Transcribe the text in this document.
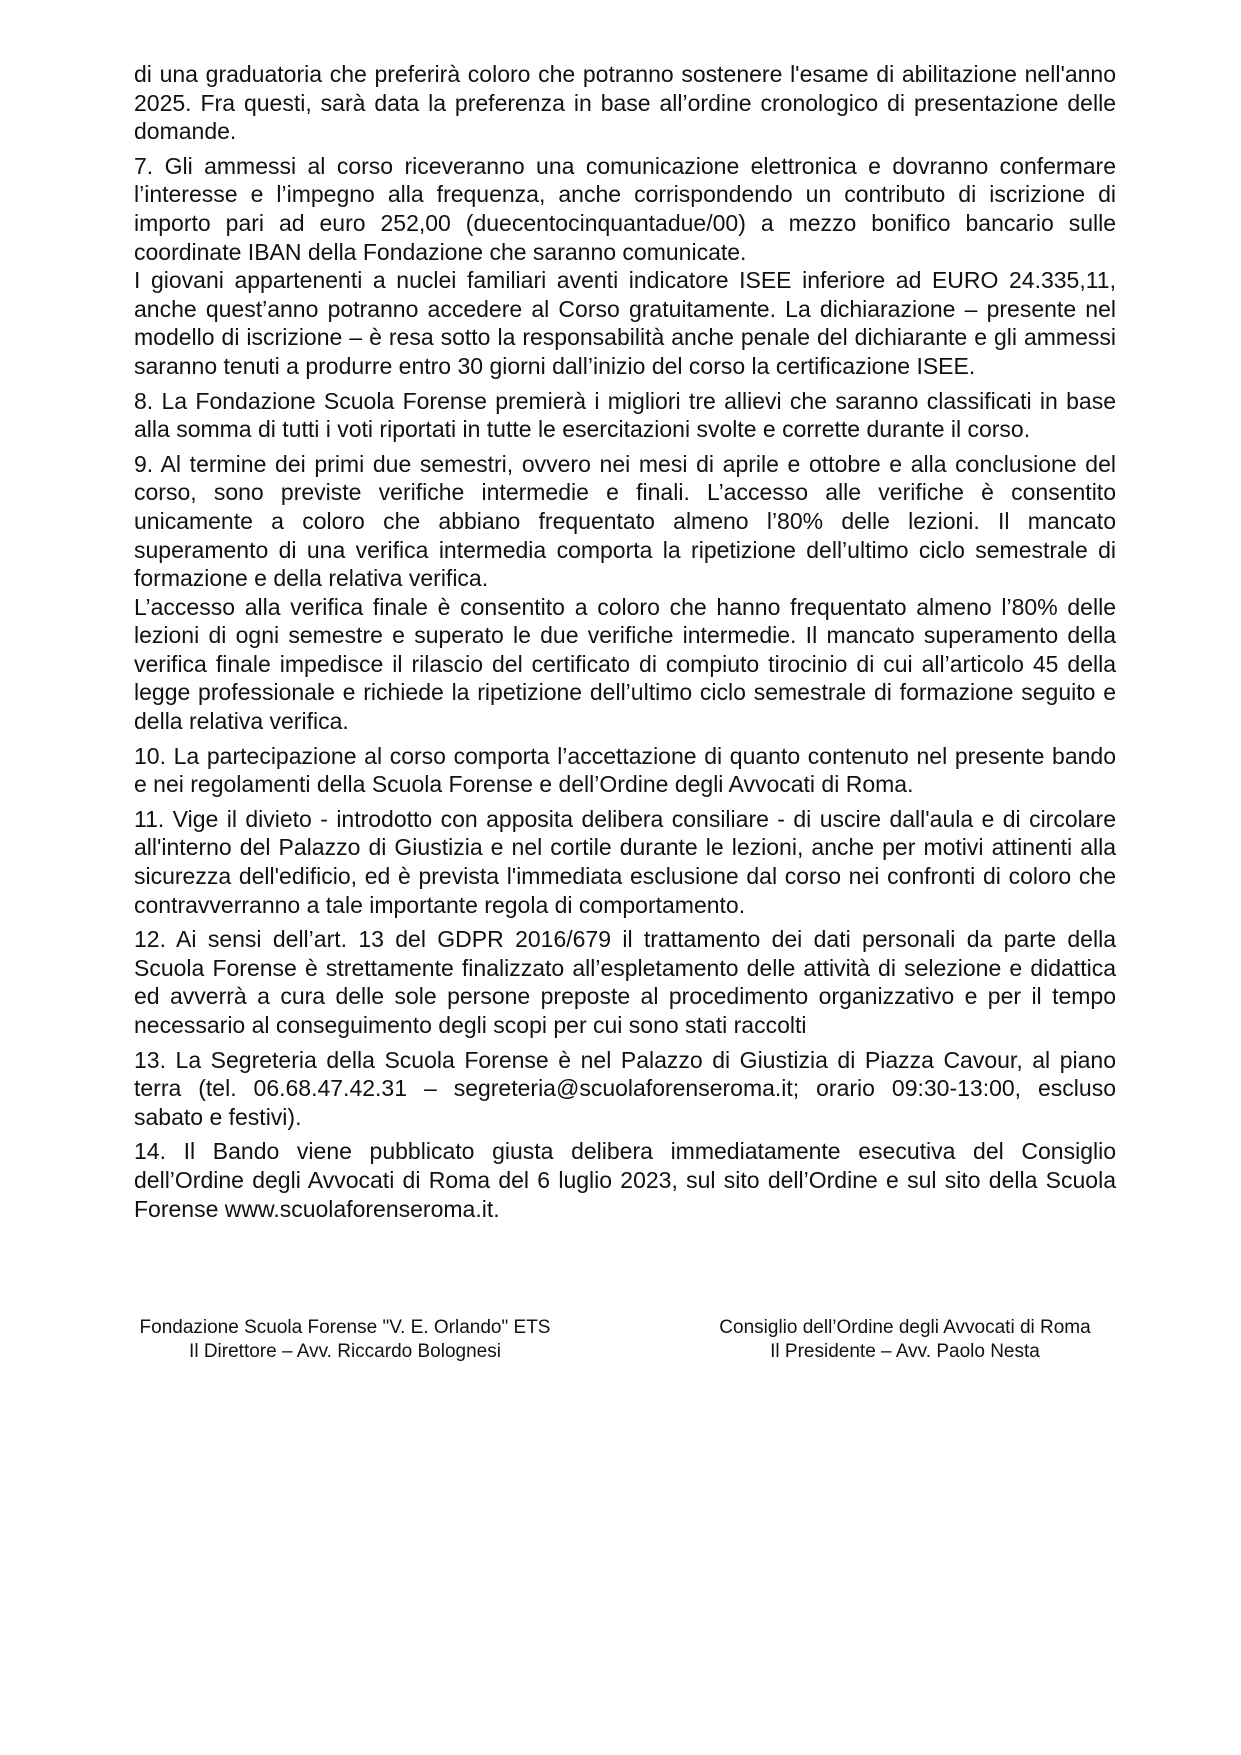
di una graduatoria che preferirà coloro che potranno sostenere l'esame di abilitazione nell'anno 2025. Fra questi, sarà data la preferenza in base all’ordine cronologico di presentazione delle domande.

7. Gli ammessi al corso riceveranno una comunicazione elettronica e dovranno confermare l’interesse e l’impegno alla frequenza, anche corrispondendo un contributo di iscrizione di importo pari ad euro 252,00 (duecentocinquantadue/00) a mezzo bonifico bancario sulle coordinate IBAN della Fondazione che saranno comunicate.

I giovani appartenenti a nuclei familiari aventi indicatore ISEE inferiore ad EURO 24.335,11, anche quest’anno potranno accedere al Corso gratuitamente. La dichiarazione – presente nel modello di iscrizione – è resa sotto la responsabilità anche penale del dichiarante e gli ammessi saranno tenuti a produrre entro 30 giorni dall’inizio del corso la certificazione ISEE.

8. La Fondazione Scuola Forense premierà i migliori tre allievi che saranno classificati in base alla somma di tutti i voti riportati in tutte le esercitazioni svolte e corrette durante il corso.

9. Al termine dei primi due semestri, ovvero nei mesi di aprile e ottobre e alla conclusione del corso, sono previste verifiche intermedie e finali. L’accesso alle verifiche è consentito unicamente a coloro che abbiano frequentato almeno l’80% delle lezioni. Il mancato superamento di una verifica intermedia comporta la ripetizione dell’ultimo ciclo semestrale di formazione e della relativa verifica.

L’accesso alla verifica finale è consentito a coloro che hanno frequentato almeno l’80% delle lezioni di ogni semestre e superato le due verifiche intermedie. Il mancato superamento della verifica finale impedisce il rilascio del certificato di compiuto tirocinio di cui all’articolo 45 della legge professionale e richiede la ripetizione dell’ultimo ciclo semestrale di formazione seguito e della relativa verifica.

10. La partecipazione al corso comporta l’accettazione di quanto contenuto nel presente bando e nei regolamenti della Scuola Forense e dell’Ordine degli Avvocati di Roma.

11. Vige il divieto - introdotto con apposita delibera consiliare - di uscire dall'aula e di circolare all'interno del Palazzo di Giustizia e nel cortile durante le lezioni, anche per motivi attinenti alla sicurezza dell'edificio, ed è prevista l'immediata esclusione dal corso nei confronti di coloro che contravverranno a tale importante regola di comportamento.

12. Ai sensi dell’art. 13 del GDPR 2016/679 il trattamento dei dati personali da parte della Scuola Forense è strettamente finalizzato all’espletamento delle attività di selezione e didattica ed avverrà a cura delle sole persone preposte al procedimento organizzativo e per il tempo necessario al conseguimento degli scopi per cui sono stati raccolti

13. La Segreteria della Scuola Forense è nel Palazzo di Giustizia di Piazza Cavour, al piano terra (tel. 06.68.47.42.31 – segreteria@scuolaforenseroma.it; orario 09:30-13:00, escluso sabato e festivi).

14. Il Bando viene pubblicato giusta delibera immediatamente esecutiva del Consiglio dell’Ordine degli Avvocati di Roma del 6 luglio 2023, sul sito dell’Ordine e sul sito della Scuola Forense www.scuolaforenseroma.it.

Fondazione Scuola Forense "V. E. Orlando" ETS
Il Direttore – Avv. Riccardo Bolognesi
Consiglio dell’Ordine degli Avvocati di Roma
Il Presidente – Avv. Paolo Nesta
